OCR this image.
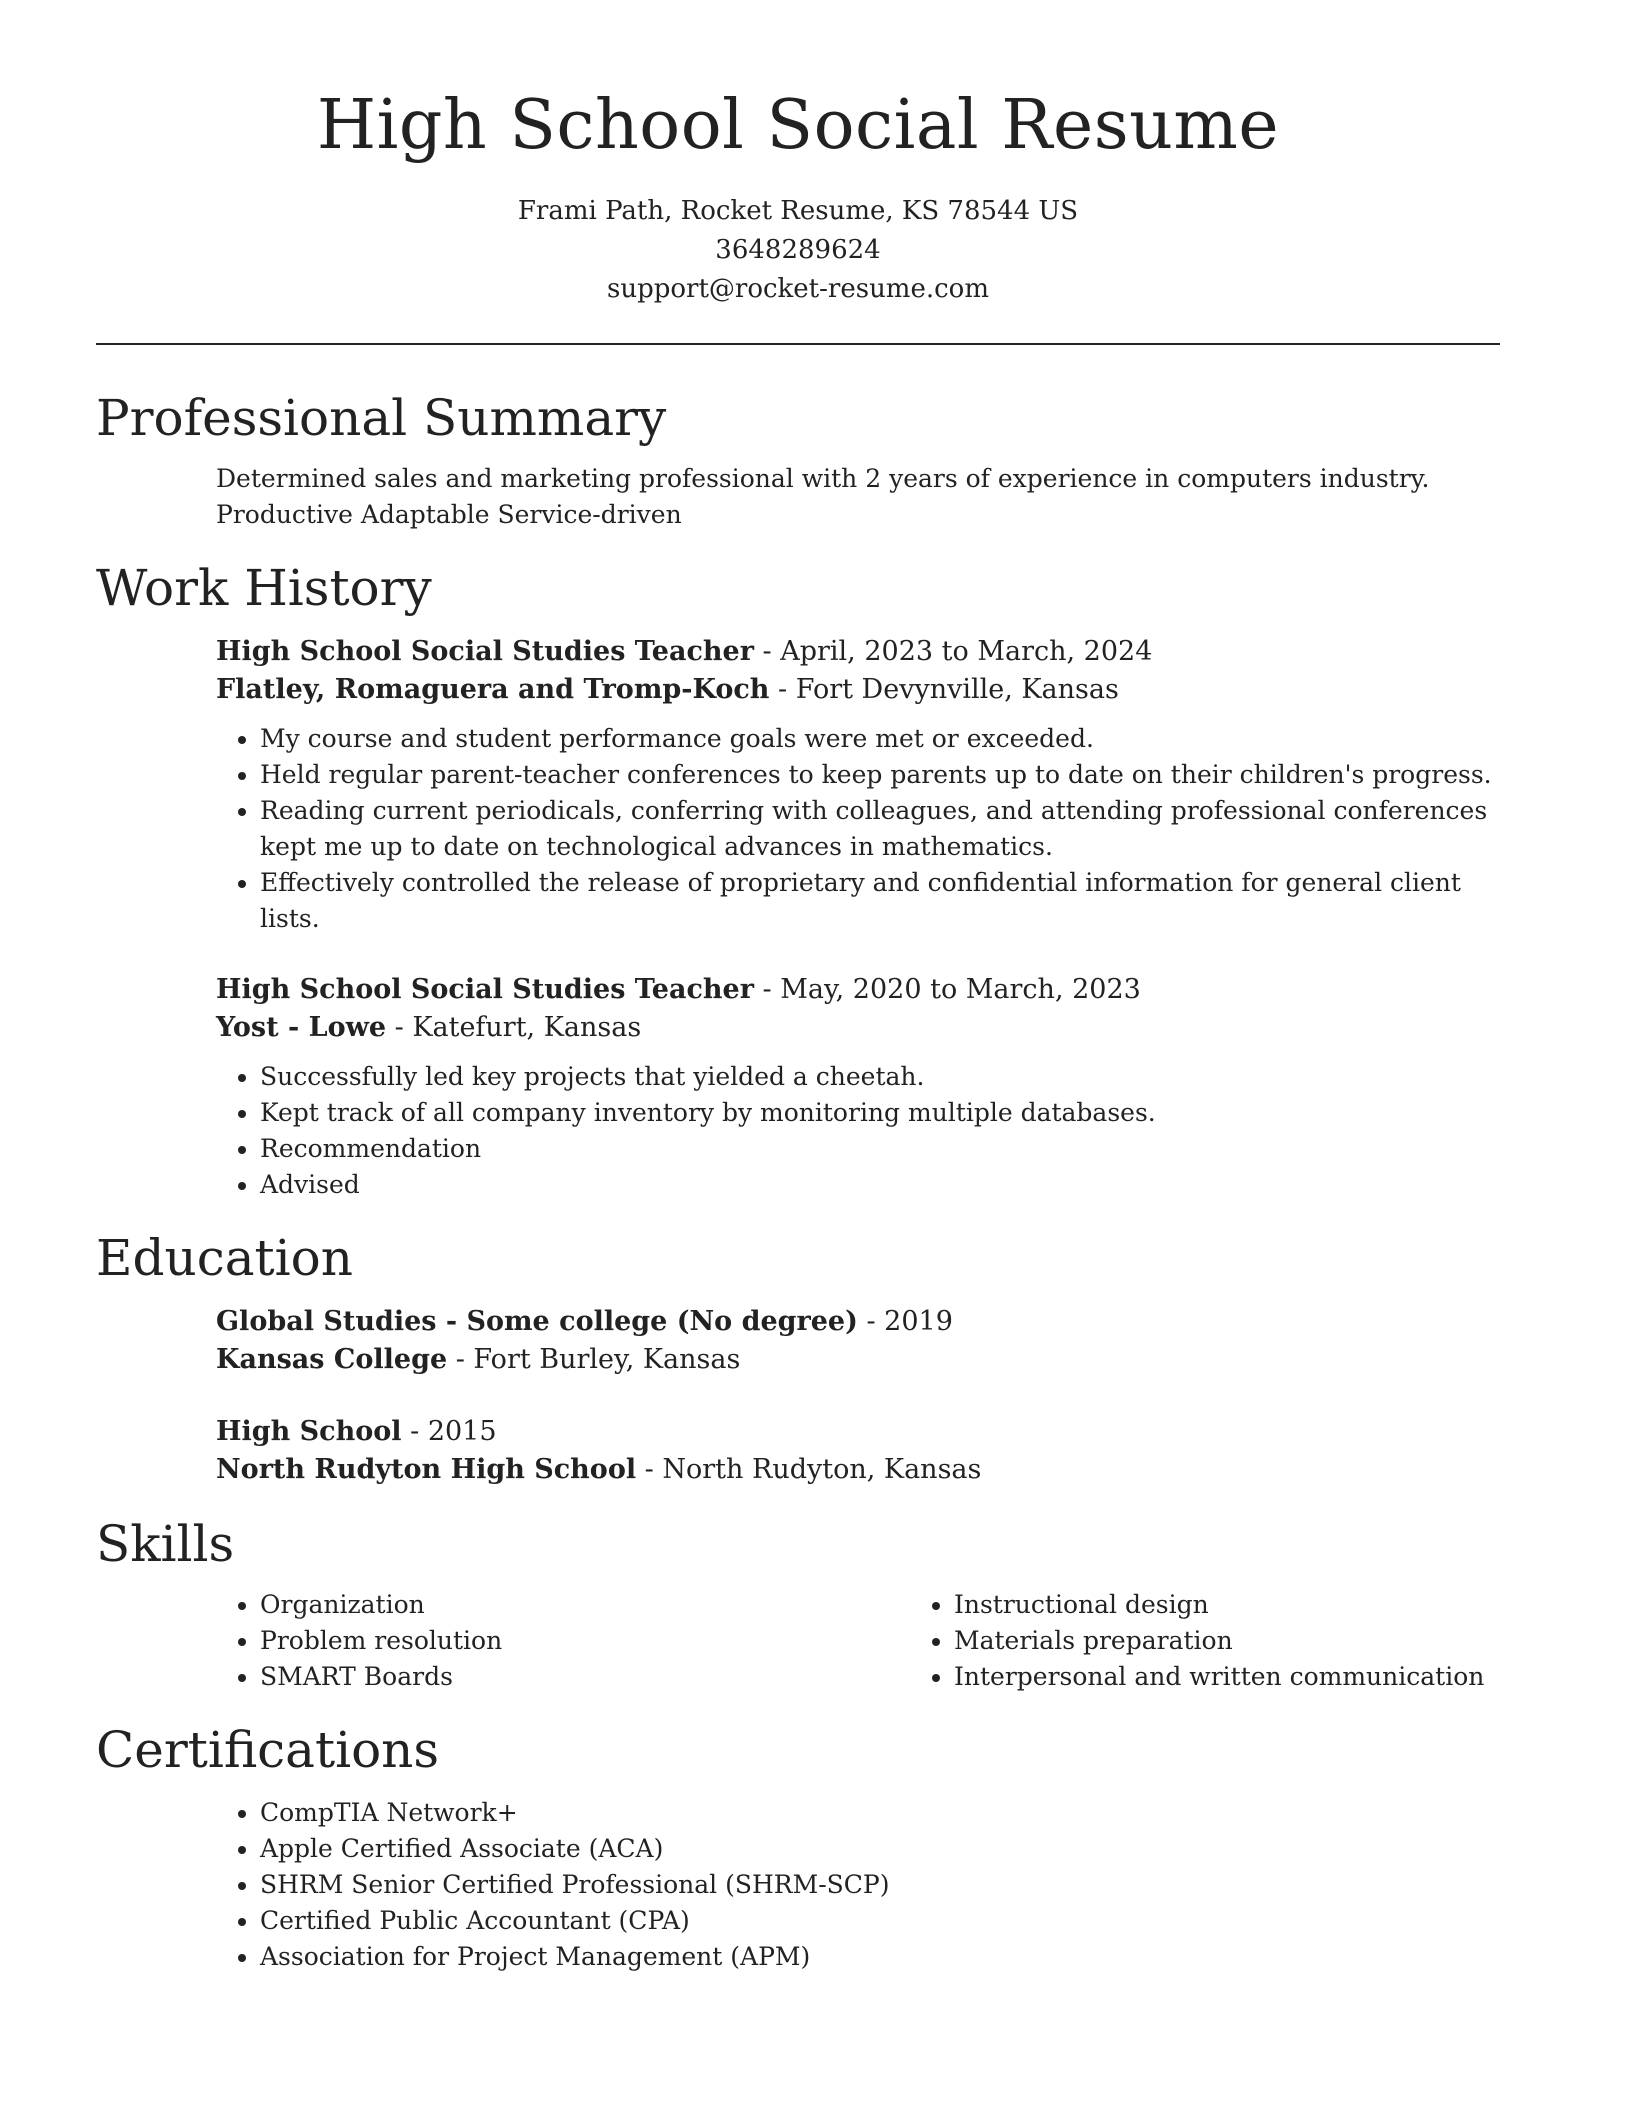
High School Social Resume
Frami Path, Rocket Resume, KS 78544 US
3648289624
support@rocket-resume.com
Professional Summary
Determined sales and marketing professional with 2 years of experience in computers industry. Productive Adaptable Service-driven
Work History
High School Social Studies Teacher - April, 2023 to March, 2024
Flatley, Romaguera and Tromp-Koch - Fort Devynville, Kansas
• My course and student performance goals were met or exceeded.
• Held regular parent-teacher conferences to keep parents up to date on their children's progress.
• Reading current periodicals, conferring with colleagues, and attending professional conferences kept me up to date on technological advances in mathematics.
• Effectively controlled the release of proprietary and confidential information for general client lists.
High School Social Studies Teacher - May, 2020 to March, 2023
Yost - Lowe - Katefurt, Kansas
• Successfully led key projects that yielded a cheetah.
• Kept track of all company inventory by monitoring multiple databases.
• Recommendation
• Advised
Education
Global Studies - Some college (No degree) - 2019
Kansas College - Fort Burley, Kansas
High School - 2015
North Rudyton High School - North Rudyton, Kansas
Skills
• Organization
• Problem resolution
• SMART Boards
• Instructional design
• Materials preparation
• Interpersonal and written communication
Certifications
• CompTIA Network+
• Apple Certified Associate (ACA)
• SHRM Senior Certified Professional (SHRM-SCP)
• Certified Public Accountant (CPA)
• Association for Project Management (APM)
